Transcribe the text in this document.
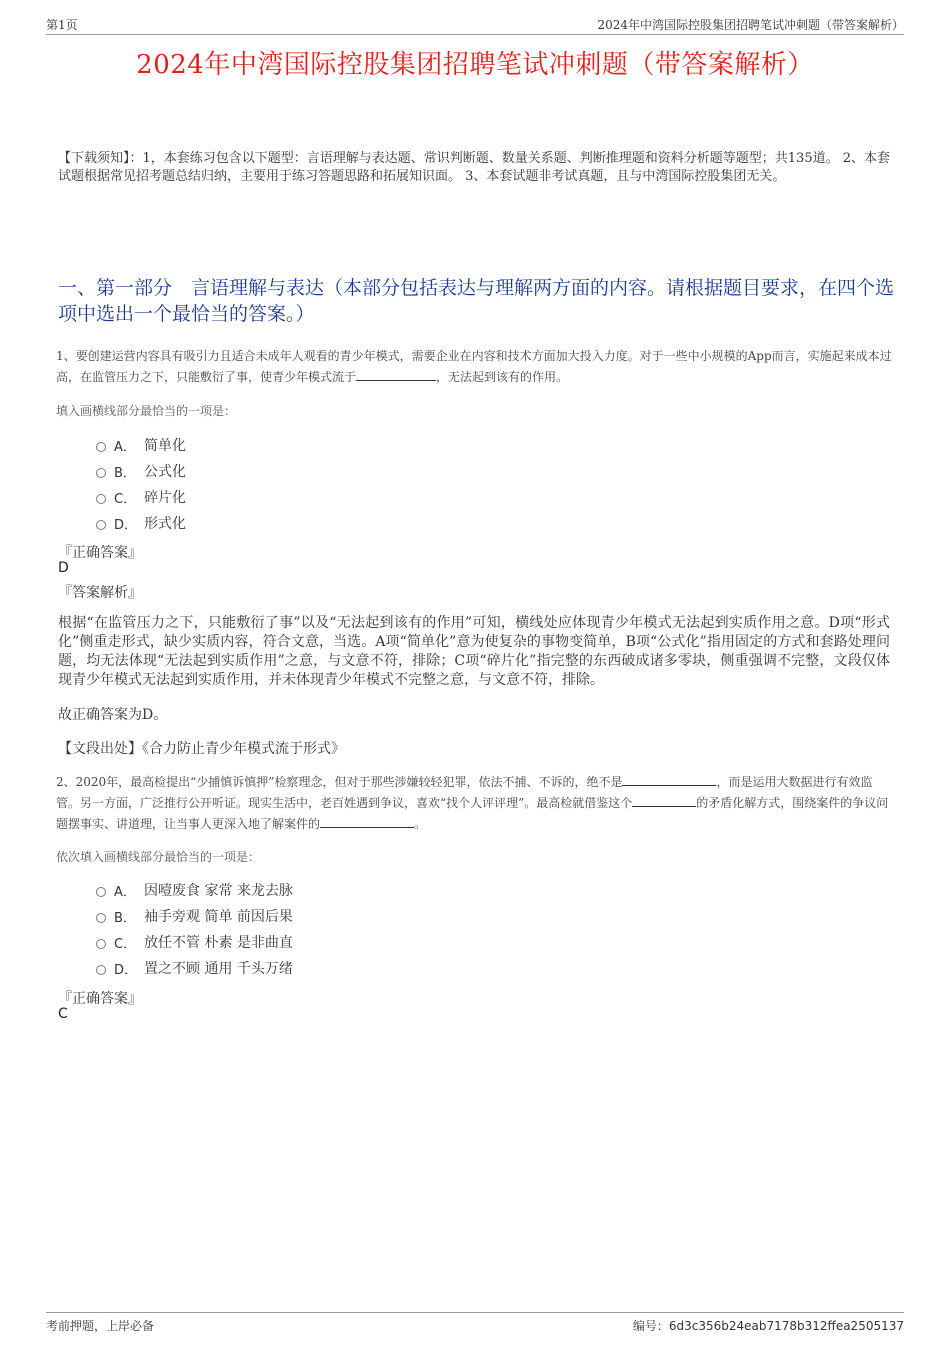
第1页	2024年中湾国际控股集团招聘笔试冲刺题（带答案解析）
2024年中湾国际控股集团招聘笔试冲刺题（带答案解析）
【下载须知】：1，本套练习包含以下题型：言语理解与表达题、常识判断题、数量关系题、判断推理题和资料分析题等题型；共135道。 2、本套试题根据常见招考题总结归纳，主要用于练习答题思路和拓展知识面。 3、本套试题非考试真题，且与中湾国际控股集团无关。
一、第一部分　言语理解与表达（本部分包括表达与理解两方面的内容。请根据题目要求，在四个选项中选出一个最恰当的答案。）
1、要创建运营内容具有吸引力且适合未成年人观看的青少年模式，需要企业在内容和技术方面加大投入力度。对于一些中小规模的App而言，实施起来成本过高，在监管压力之下，只能敷衍了事，使青少年模式流于	，无法起到该有的作用。
填入画横线部分最恰当的一项是：
A． 简单化
B． 公式化
C． 碎片化
D． 形式化
『正确答案』
D
『答案解析』
根据“在监管压力之下，只能敷衍了事”以及“无法起到该有的作用”可知，横线处应体现青少年模式无法起到实质作用之意。D项“形式化”侧重走形式，缺少实质内容，符合文意，当选。A项“简单化”意为使复杂的事物变简单，B项“公式化”指用固定的方式和套路处理问题，均无法体现“无法起到实质作用”之意，与文意不符，排除；C项“碎片化”指完整的东西破成诸多零块，侧重强调不完整，文段仅体现青少年模式无法起到实质作用，并未体现青少年模式不完整之意，与文意不符，排除。
故正确答案为D。
【文段出处】《合力防止青少年模式流于形式》
2、2020年，最高检提出“少捕慎诉慎押”检察理念，但对于那些涉嫌较轻犯罪，依法不捕、不诉的，绝不是	，而是运用大数据进行有效监管。另一方面，广泛推行公开听证。现实生活中，老百姓遇到争议，喜欢“找个人评评理”。最高检就借鉴这个	的矛盾化解方式，围绕案件的争议问题摆事实、讲道理，让当事人更深入地了解案件的	。
依次填入画横线部分最恰当的一项是：
A． 因噎废食 家常 来龙去脉
B． 袖手旁观 简单 前因后果
C． 放任不管 朴素 是非曲直
D． 置之不顾 通用 千头万绪
『正确答案』
C
考前押题，上岸必备	编号：6d3c356b24eab7178b312ffea2505137
